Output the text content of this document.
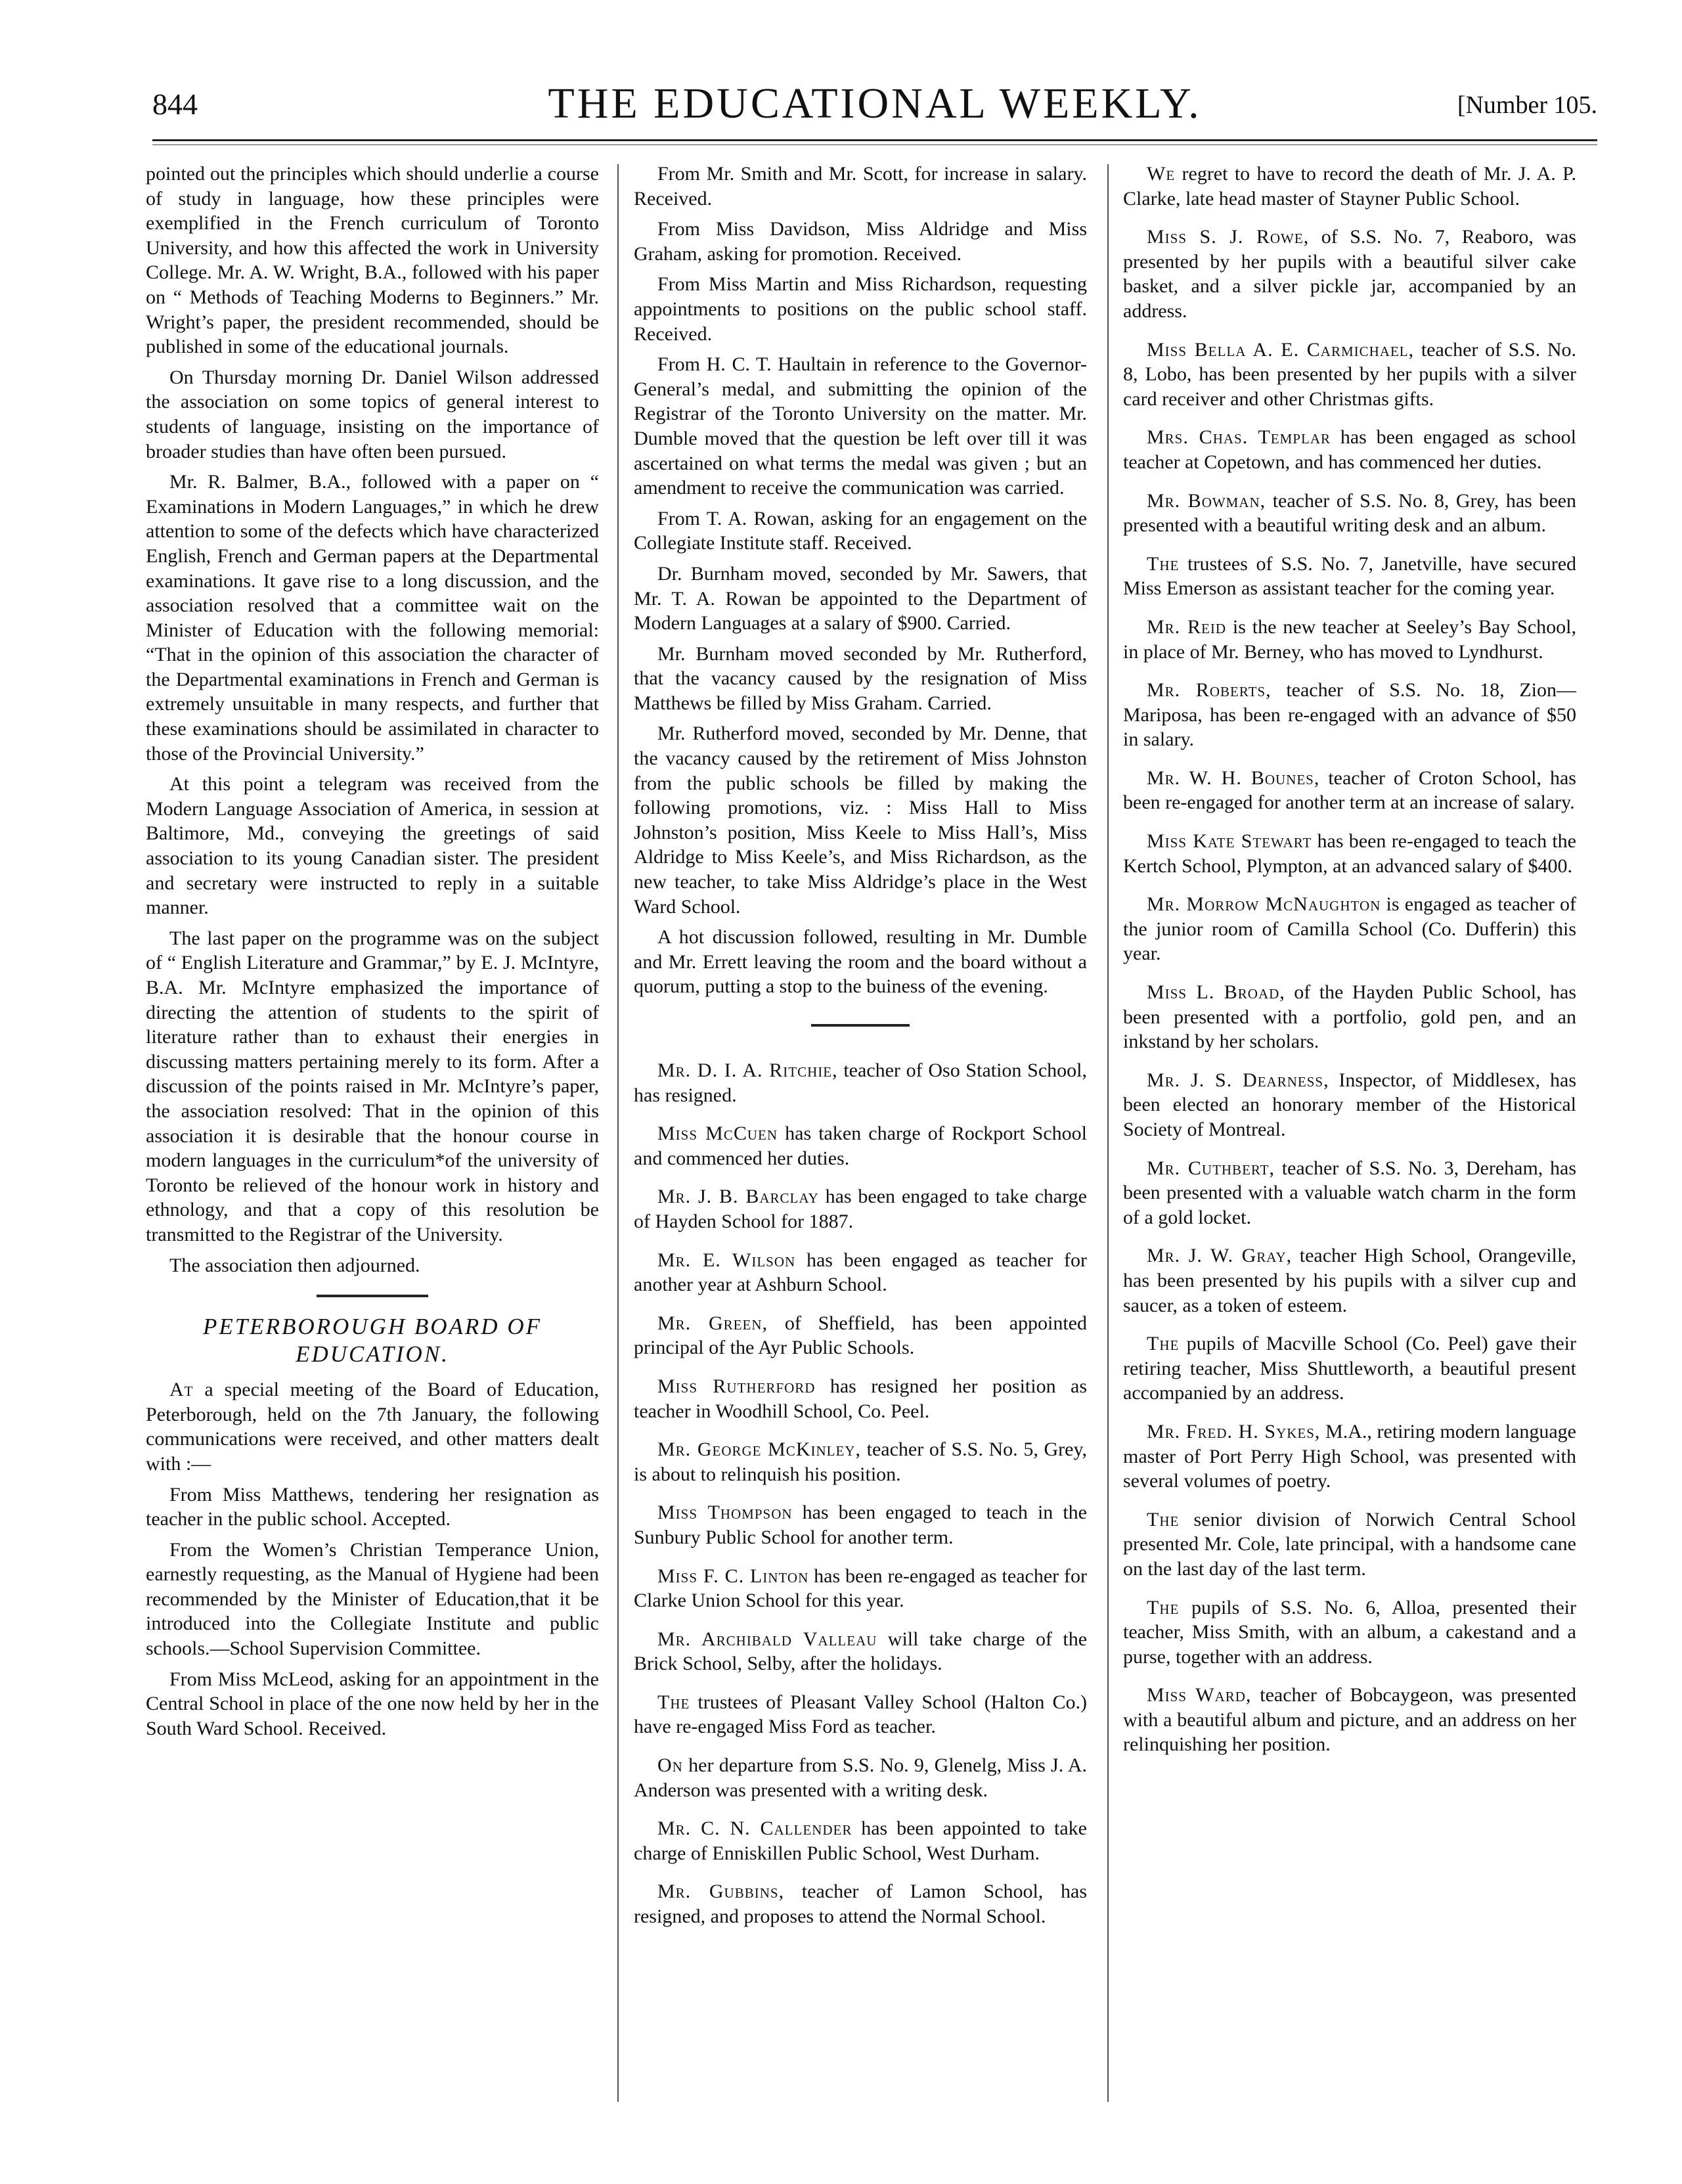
844	THE EDUCATIONAL WEEKLY.	[Number 105.

pointed out the principles which should underlie a course of study in language, how these principles were exemplified in the French curriculum of Toronto University, and how this affected the work in University College. Mr. A. W. Wright, B.A., followed with his paper on “ Methods of Teaching Moderns to Beginners.” Mr. Wright’s paper, the president recommended, should be published in some of the educational journals.

On Thursday morning Dr. Daniel Wilson addressed the association on some topics of general interest to students of language, insisting on the importance of broader studies than have often been pursued.

Mr. R. Balmer, B.A., followed with a paper on “ Examinations in Modern Languages,” in which he drew attention to some of the defects which have characterized English, French and German papers at the Departmental examinations. It gave rise to a long discussion, and the association resolved that a committee wait on the Minister of Education with the following memorial: “That in the opinion of this association the character of the Departmental examinations in French and German is extremely unsuitable in many respects, and further that these examinations should be assimilated in character to those of the Provincial University.”

At this point a telegram was received from the Modern Language Association of America, in session at Baltimore, Md., conveying the greetings of said association to its young Canadian sister. The president and secretary were instructed to reply in a suitable manner.

The last paper on the programme was on the subject of “ English Literature and Grammar,” by E. J. McIntyre, B.A. Mr. McIntyre emphasized the importance of directing the attention of students to the spirit of literature rather than to exhaust their energies in discussing matters pertaining merely to its form. After a discussion of the points raised in Mr. McIntyre’s paper, the association resolved: That in the opinion of this association it is desirable that the honour course in modern languages in the curriculum*of the university of Toronto be relieved of the honour work in history and ethnology, and that a copy of this resolution be transmitted to the Registrar of the University.

The association then adjourned.

PETERBOROUGH BOARD OF EDUCATION.

At a special meeting of the Board of Education, Peterborough, held on the 7th January, the following communications were received, and other matters dealt with :—

From Miss Matthews, tendering her resignation as teacher in the public school. Accepted.

From the Women’s Christian Temperance Union, earnestly requesting, as the Manual of Hygiene had been recommended by the Minister of Education,that it be introduced into the Collegiate Institute and public schools.—School Supervision Committee.

From Miss McLeod, asking for an appointment in the Central School in place of the one now held by her in the South Ward School. Received.

From Mr. Smith and Mr. Scott, for increase in salary. Received.

From Miss Davidson, Miss Aldridge and Miss Graham, asking for promotion. Received.

From Miss Martin and Miss Richardson, requesting appointments to positions on the public school staff. Received.

From H. C. T. Haultain in reference to the Governor-General’s medal, and submitting the opinion of the Registrar of the Toronto University on the matter. Mr. Dumble moved that the question be left over till it was ascertained on what terms the medal was given ; but an amendment to receive the communication was carried.

From T. A. Rowan, asking for an engagement on the Collegiate Institute staff. Received.

Dr. Burnham moved, seconded by Mr. Sawers, that Mr. T. A. Rowan be appointed to the Department of Modern Languages at a salary of $900. Carried.

Mr. Burnham moved seconded by Mr. Rutherford, that the vacancy caused by the resignation of Miss Matthews be filled by Miss Graham. Carried.

Mr. Rutherford moved, seconded by Mr. Denne, that the vacancy caused by the retirement of Miss Johnston from the public schools be filled by making the following promotions, viz. : Miss Hall to Miss Johnston’s position, Miss Keele to Miss Hall’s, Miss Aldridge to Miss Keele’s, and Miss Richardson, as the new teacher, to take Miss Aldridge’s place in the West Ward School.

A hot discussion followed, resulting in Mr. Dumble and Mr. Errett leaving the room and the board without a quorum, putting a stop to the buiness of the evening.

Mr. D. I. A. Ritchie, teacher of Oso Station School, has resigned.

Miss McCuen has taken charge of Rockport School and commenced her duties.

Mr. J. B. Barclay has been engaged to take charge of Hayden School for 1887.

Mr. E. Wilson has been engaged as teacher for another year at Ashburn School.

Mr. Green, of Sheffield, has been appointed principal of the Ayr Public Schools.

Miss Rutherford has resigned her position as teacher in Woodhill School, Co. Peel.

Mr. George McKinley, teacher of S.S. No. 5, Grey, is about to relinquish his position.

Miss Thompson has been engaged to teach in the Sunbury Public School for another term.

Miss F. C. Linton has been re-engaged as teacher for Clarke Union School for this year.

Mr. Archibald Valleau will take charge of the Brick School, Selby, after the holidays.

The trustees of Pleasant Valley School (Halton Co.) have re-engaged Miss Ford as teacher.

On her departure from S.S. No. 9, Glenelg, Miss J. A. Anderson was presented with a writing desk.

Mr. C. N. Callender has been appointed to take charge of Enniskillen Public School, West Durham.

Mr. Gubbins, teacher of Lamon School, has resigned, and proposes to attend the Normal School.

We regret to have to record the death of Mr. J. A. P. Clarke, late head master of Stayner Public School.

Miss S. J. Rowe, of S.S. No. 7, Reaboro, was presented by her pupils with a beautiful silver cake basket, and a silver pickle jar, accompanied by an address.

Miss Bella A. E. Carmichael, teacher of S.S. No. 8, Lobo, has been presented by her pupils with a silver card receiver and other Christmas gifts.

Mrs. Chas. Templar has been engaged as school teacher at Copetown, and has commenced her duties.

Mr. Bowman, teacher of S.S. No. 8, Grey, has been presented with a beautiful writing desk and an album.

The trustees of S.S. No. 7, Janetville, have secured Miss Emerson as assistant teacher for the coming year.

Mr. Reid is the new teacher at Seeley’s Bay School, in place of Mr. Berney, who has moved to Lyndhurst.

Mr. Roberts, teacher of S.S. No. 18, Zion—Mariposa, has been re-engaged with an advance of $50 in salary.

Mr. W. H. Bounes, teacher of Croton School, has been re-engaged for another term at an increase of salary.

Miss Kate Stewart has been re-engaged to teach the Kertch School, Plympton, at an advanced salary of $400.

Mr. Morrow McNaughton is engaged as teacher of the junior room of Camilla School (Co. Dufferin) this year.

Miss L. Broad, of the Hayden Public School, has been presented with a portfolio, gold pen, and an inkstand by her scholars.

Mr. J. S. Dearness, Inspector, of Middlesex, has been elected an honorary member of the Historical Society of Montreal.

Mr. Cuthbert, teacher of S.S. No. 3, Dereham, has been presented with a valuable watch charm in the form of a gold locket.

Mr. J. W. Gray, teacher High School, Orangeville, has been presented by his pupils with a silver cup and saucer, as a token of esteem.

The pupils of Macville School (Co. Peel) gave their retiring teacher, Miss Shuttleworth, a beautiful present accompanied by an address.

Mr. Fred. H. Sykes, M.A., retiring modern language master of Port Perry High School, was presented with several volumes of poetry.

The senior division of Norwich Central School presented Mr. Cole, late principal, with a handsome cane on the last day of the last term.

The pupils of S.S. No. 6, Alloa, presented their teacher, Miss Smith, with an album, a cakestand and a purse, together with an address.

Miss Ward, teacher of Bobcaygeon, was presented with a beautiful album and picture, and an address on her relinquishing her position.
